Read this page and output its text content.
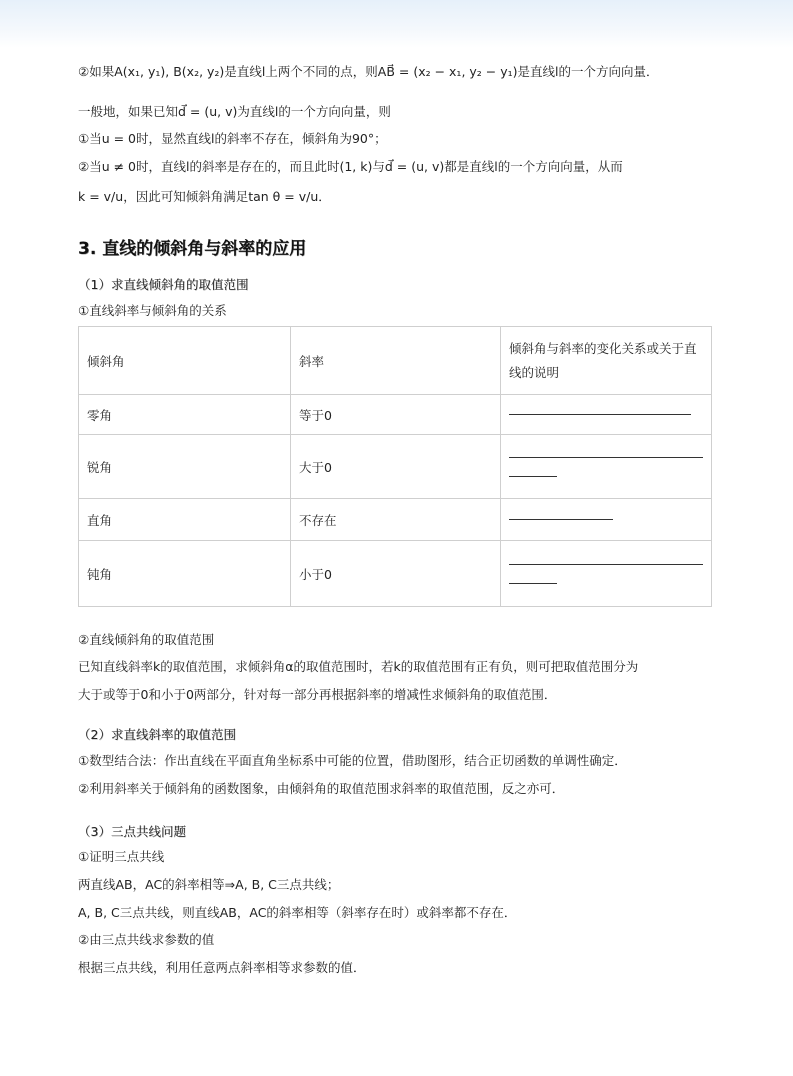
②如果A(x₁, y₁), B(x₂, y₂)是直线l上两个不同的点，则AB⃗ = (x₂ − x₁, y₂ − y₁)是直线l的一个方向向量．
一般地，如果已知d⃗ = (u, v)为直线l的一个方向向量，则
①当u = 0时，显然直线l的斜率不存在，倾斜角为90°；
②当u ≠ 0时，直线l的斜率是存在的，而且此时(1, k)与d⃗ = (u, v)都是直线l的一个方向向量，从而
k = v/u，因此可知倾斜角满足tan θ = v/u．
3. 直线的倾斜角与斜率的应用
（1）求直线倾斜角的取值范围
①直线斜率与倾斜角的关系
倾斜角	斜率	倾斜角与斜率的变化关系或关于直线的说明
零角	等于0	

锐角	大于0	

直角	不存在	

钝角	小于0	
②直线倾斜角的取值范围
已知直线斜率k的取值范围，求倾斜角α的取值范围时，若k的取值范围有正有负，则可把取值范围分为
大于或等于0和小于0两部分，针对每一部分再根据斜率的增减性求倾斜角的取值范围．
（2）求直线斜率的取值范围
①数型结合法：作出直线在平面直角坐标系中可能的位置，借助图形，结合正切函数的单调性确定．
②利用斜率关于倾斜角的函数图象，由倾斜角的取值范围求斜率的取值范围，反之亦可．
（3）三点共线问题
①证明三点共线
两直线AB，AC的斜率相等⇒A, B, C三点共线；
A, B, C三点共线，则直线AB，AC的斜率相等（斜率存在时）或斜率都不存在．
②由三点共线求参数的值
根据三点共线，利用任意两点斜率相等求参数的值．
